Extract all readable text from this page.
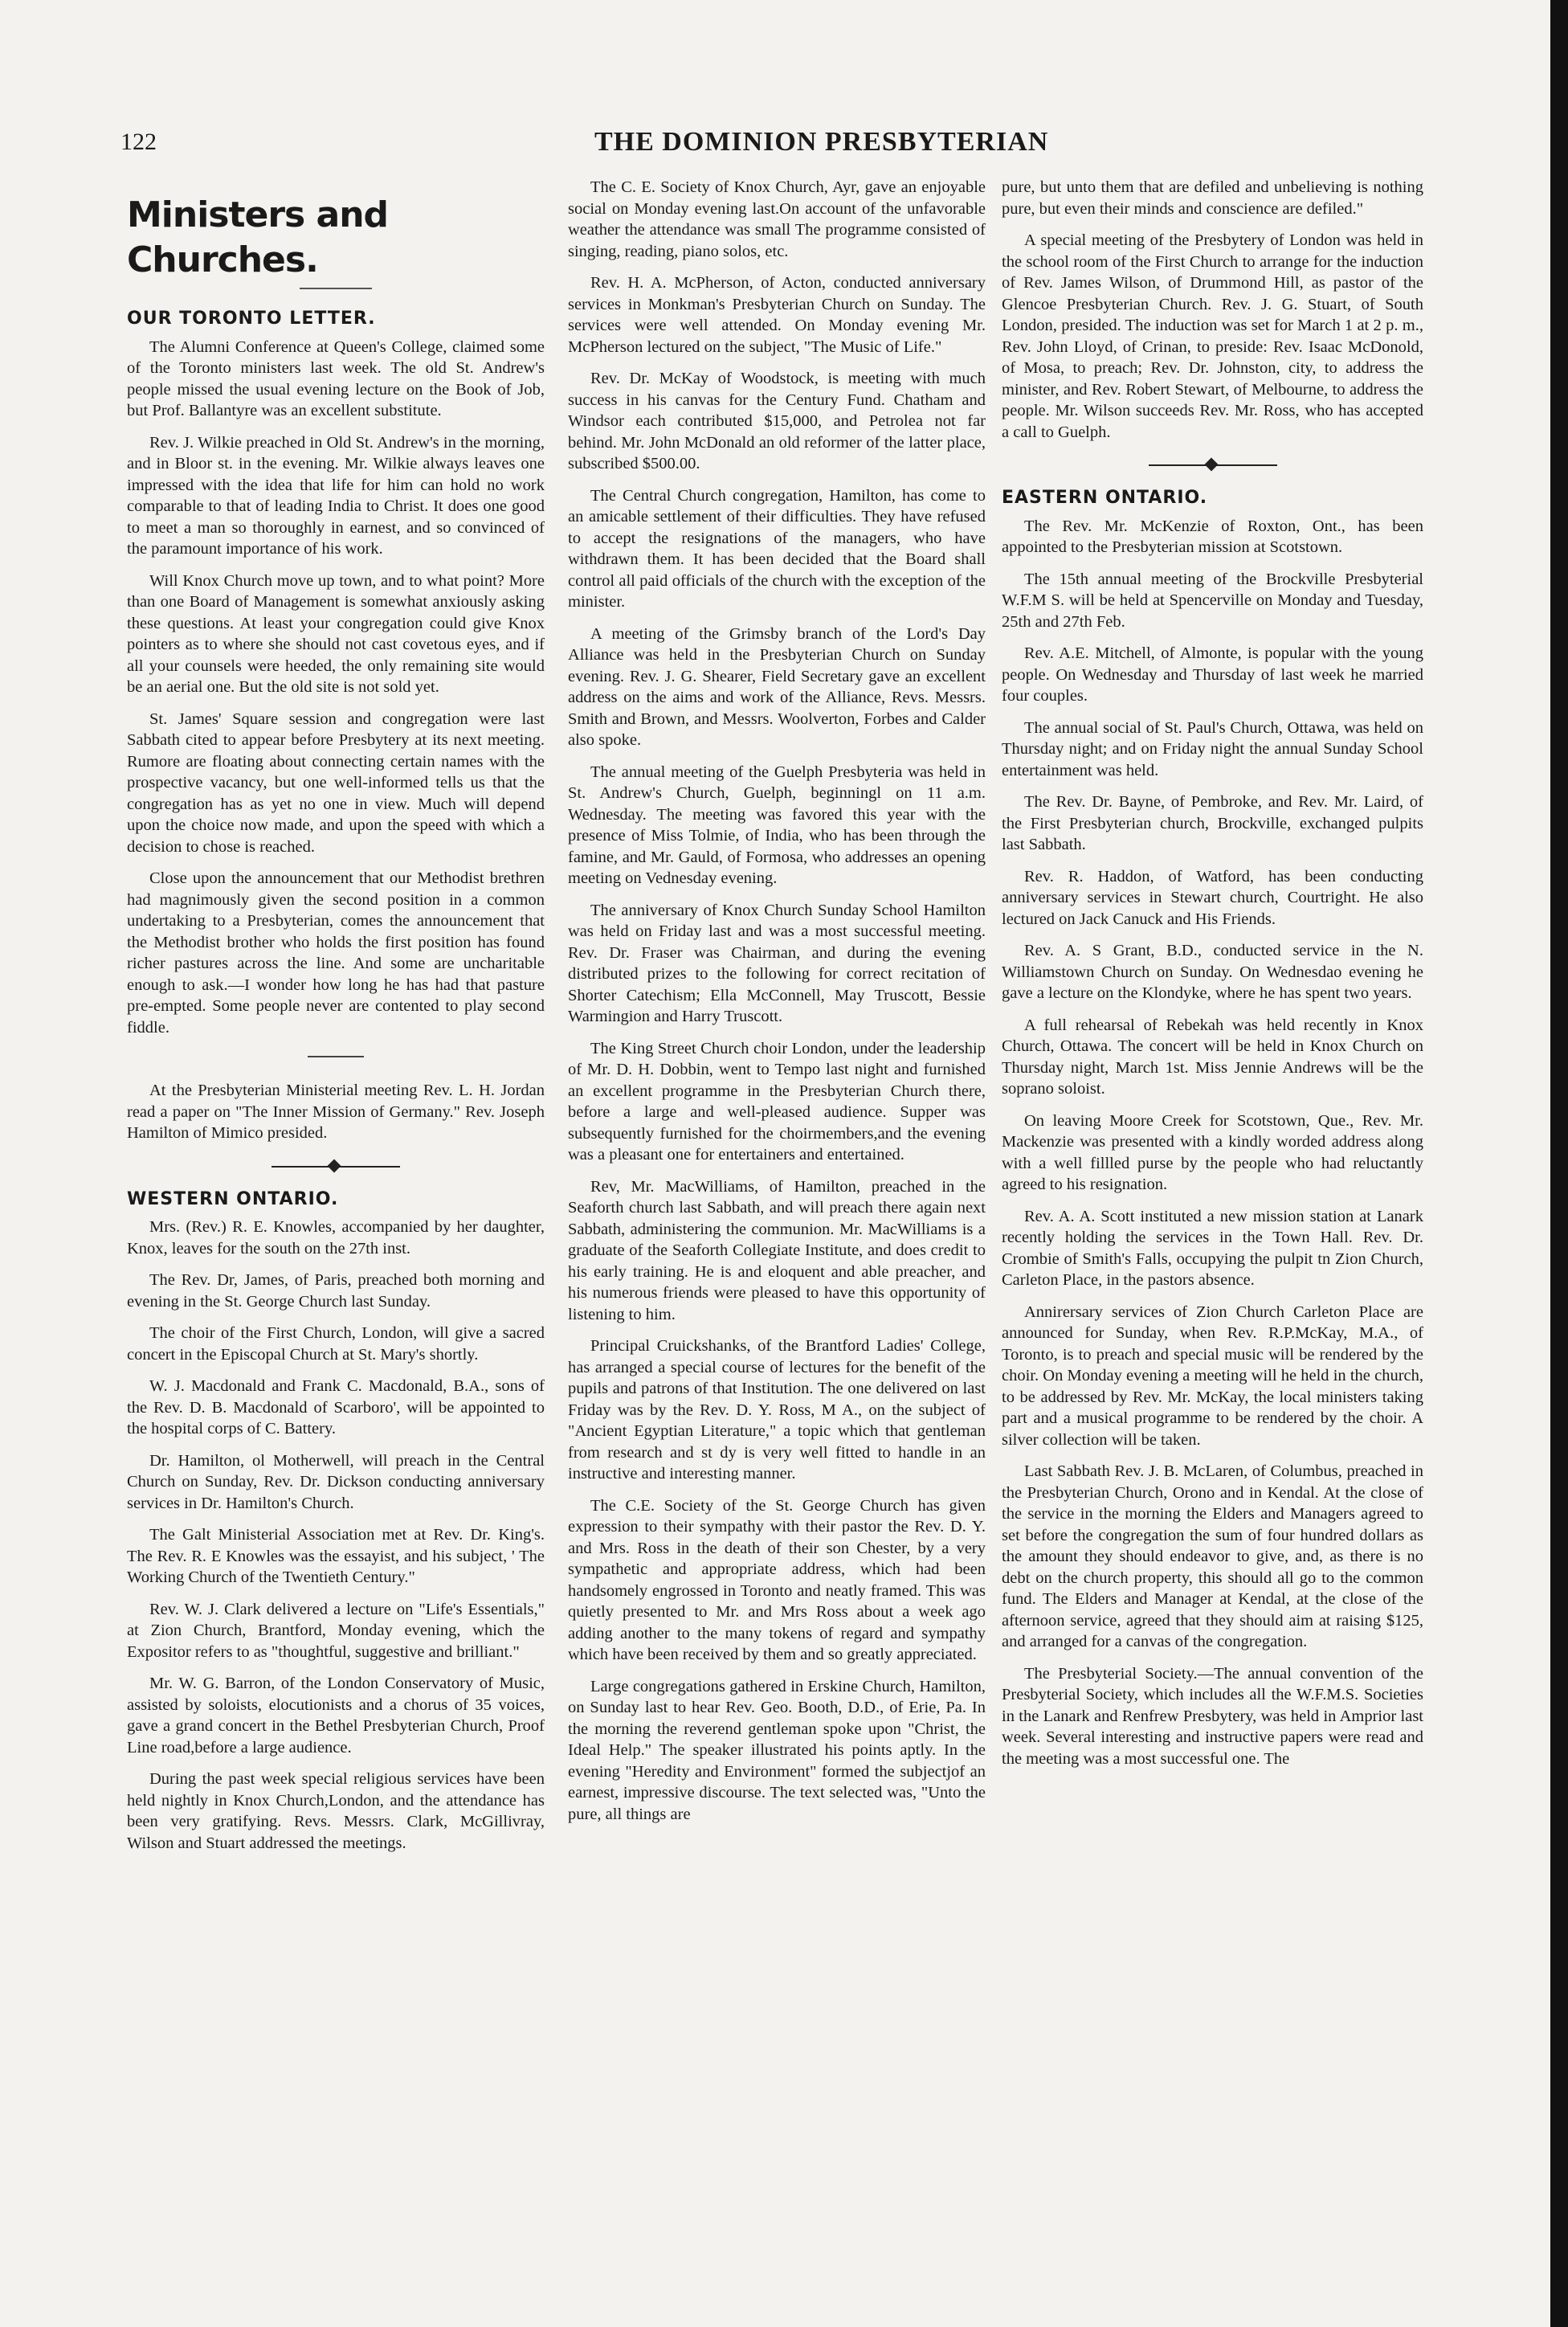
122	THE DOMINION PRESBYTERIAN
Ministers and Churches.
OUR TORONTO LETTER.

The Alumni Conference at Queen's College, claimed some of the Toronto ministers last week. The old St. Andrew's people missed the usual evening lecture on the Book of Job, but Prof. Ballantyre was an excellent substitute.

Rev. J. Wilkie preached in Old St. Andrew's in the morning, and in Bloor st. in the evening. Mr. Wilkie always leaves one impressed with the idea that life for him can hold no work comparable to that of leading India to Christ. It does one good to meet a man so thoroughly in earnest, and so convinced of the paramount importance of his work.

Will Knox Church move up town, and to what point? More than one Board of Management is somewhat anxiously asking these questions. At least your congregation could give Knox pointers as to where she should not cast covetous eyes, and if all your counsels were heeded, the only remaining site would be an aerial one. But the old site is not sold yet.

St. James' Square session and congregation were last Sabbath cited to appear before Presbytery at its next meeting. Rumore are floating about connecting certain names with the prospective vacancy, but one well-informed tells us that the congregation has as yet no one in view. Much will depend upon the choice now made, and upon the speed with which a decision to chose is reached.

Close upon the announcement that our Methodist brethren had magnimously given the second position in a common undertaking to a Presbyterian, comes the announcement that the Methodist brother who holds the first position has found richer pastures across the line. And some are uncharitable enough to ask.—I wonder how long he has had that pasture pre-empted. Some people never are contented to play second fiddle.

At the Presbyterian Ministerial meeting Rev. L. H. Jordan read a paper on "The Inner Mission of Germany." Rev. Joseph Hamilton of Mimico presided.

WESTERN ONTARIO.

Mrs. (Rev.) R. E. Knowles, accompanied by her daughter, Knox, leaves for the south on the 27th inst.

The Rev. Dr, James, of Paris, preached both morning and evening in the St. George Church last Sunday.

The choir of the First Church, London, will give a sacred concert in the Episcopal Church at St. Mary's shortly.

W. J. Macdonald and Frank C. Macdonald, B.A., sons of the Rev. D. B. Macdonald of Scarboro', will be appointed to the hospital corps of C. Battery.

Dr. Hamilton, ol Motherwell, will preach in the Central Church on Sunday, Rev. Dr. Dickson conducting anniversary services in Dr. Hamilton's Church.

The Galt Ministerial Association met at Rev. Dr. King's. The Rev. R. E Knowles was the essayist, and his subject, ' The Working Church of the Twentieth Century."

Rev. W. J. Clark delivered a lecture on "Life's Essentials," at Zion Church, Brantford, Monday evening, which the Expositor refers to as "thoughtful, suggestive and brilliant."

Mr. W. G. Barron, of the London Conservatory of Music, assisted by soloists, elocutionists and a chorus of 35 voices, gave a grand concert in the Bethel Presbyterian Church, Proof Line road,before a large audience.

During the past week special religious services have been held nightly in Knox Church,London, and the attendance has been very gratifying. Revs. Messrs. Clark, McGillivray, Wilson and Stuart addressed the meetings.

The C. E. Society of Knox Church, Ayr, gave an enjoyable social on Monday evening last.On account of the unfavorable weather the attendance was small The programme consisted of singing, reading, piano solos, etc.

Rev. H. A. McPherson, of Acton, conducted anniversary services in Monkman's Presbyterian Church on Sunday. The services were well attended. On Monday evening Mr. McPherson lectured on the subject, "The Music of Life."

Rev. Dr. McKay of Woodstock, is meeting with much success in his canvas for the Century Fund. Chatham and Windsor each contributed $15,000, and Petrolea not far behind. Mr. John McDonald an old reformer of the latter place, subscribed $500.00.

The Central Church congregation, Hamilton, has come to an amicable settlement of their difficulties. They have refused to accept the resignations of the managers, who have withdrawn them. It has been decided that the Board shall control all paid officials of the church with the exception of the minister.

A meeting of the Grimsby branch of the Lord's Day Alliance was held in the Presbyterian Church on Sunday evening. Rev. J. G. Shearer, Field Secretary gave an excellent address on the aims and work of the Alliance, Revs. Messrs. Smith and Brown, and Messrs. Woolverton, Forbes and Calder also spoke.

The annual meeting of the Guelph Presbyteria was held in St. Andrew's Church, Guelph, beginningl on 11 a.m. Wednesday. The meeting was favored this year with the presence of Miss Tolmie, of India, who has been through the famine, and Mr. Gauld, of Formosa, who addresses an opening meeting on Vednesday evening.

The anniversary of Knox Church Sunday School Hamilton was held on Friday last and was a most successful meeting. Rev. Dr. Fraser was Chairman, and during the evening distributed prizes to the following for correct recitation of Shorter Catechism; Ella McConnell, May Truscott, Bessie Warmingion and Harry Truscott.

The King Street Church choir London, under the leadership of Mr. D. H. Dobbin, went to Tempo last night and furnished an excellent programme in the Presbyterian Church there, before a large and well-pleased audience. Supper was subsequently furnished for the choirmembers,and the evening was a pleasant one for entertainers and entertained.

Rev, Mr. MacWilliams, of Hamilton, preached in the Seaforth church last Sabbath, and will preach there again next Sabbath, administering the communion. Mr. MacWilliams is a graduate of the Seaforth Collegiate Institute, and does credit to his early training. He is and eloquent and able preacher, and his numerous friends were pleased to have this opportunity of listening to him.

Principal Cruickshanks, of the Brantford Ladies' College, has arranged a special course of lectures for the benefit of the pupils and patrons of that Institution. The one delivered on last Friday was by the Rev. D. Y. Ross, M A., on the subject of "Ancient Egyptian Literature," a topic which that gentleman from research and st dy is very well fitted to handle in an instructive and interesting manner.

The C.E. Society of the St. George Church has given expression to their sympathy with their pastor the Rev. D. Y. and Mrs. Ross in the death of their son Chester, by a very sympathetic and appropriate address, which had been handsomely engrossed in Toronto and neatly framed. This was quietly presented to Mr. and Mrs Ross about a week ago adding another to the many tokens of regard and sympathy which have been received by them and so greatly appreciated.

Large congregations gathered in Erskine Church, Hamilton, on Sunday last to hear Rev. Geo. Booth, D.D., of Erie, Pa. In the morning the reverend gentleman spoke upon "Christ, the Ideal Help." The speaker illustrated his points aptly. In the evening "Heredity and Environment" formed the subjectjof an earnest, impressive discourse. The text selected was, "Unto the pure, all things are

pure, but unto them that are defiled and unbelieving is nothing pure, but even their minds and conscience are defiled."

A special meeting of the Presbytery of London was held in the school room of the First Church to arrange for the induction of Rev. James Wilson, of Drummond Hill, as pastor of the Glencoe Presbyterian Church. Rev. J. G. Stuart, of South London, presided. The induction was set for March 1 at 2 p. m., Rev. John Lloyd, of Crinan, to preside: Rev. Isaac McDonold, of Mosa, to preach; Rev. Dr. Johnston, city, to address the minister, and Rev. Robert Stewart, of Melbourne, to address the people. Mr. Wilson succeeds Rev. Mr. Ross, who has accepted a call to Guelph.

EASTERN ONTARIO.

The Rev. Mr. McKenzie of Roxton, Ont., has been appointed to the Presbyterian mission at Scotstown.

The 15th annual meeting of the Brockville Presbyterial W.F.M S. will be held at Spencerville on Monday and Tuesday, 25th and 27th Feb.

Rev. A.E. Mitchell, of Almonte, is popular with the young people. On Wednesday and Thursday of last week he married four couples.

The annual social of St. Paul's Church, Ottawa, was held on Thursday night; and on Friday night the annual Sunday School entertainment was held.

The Rev. Dr. Bayne, of Pembroke, and Rev. Mr. Laird, of the First Presbyterian church, Brockville, exchanged pulpits last Sabbath.

Rev. R. Haddon, of Watford, has been conducting anniversary services in Stewart church, Courtright. He also lectured on Jack Canuck and His Friends.

Rev. A. S Grant, B.D., conducted service in the N. Williamstown Church on Sunday. On Wednesdao evening he gave a lecture on the Klondyke, where he has spent two years.

A full rehearsal of Rebekah was held recently in Knox Church, Ottawa. The concert will be held in Knox Church on Thursday night, March 1st. Miss Jennie Andrews will be the soprano soloist.

On leaving Moore Creek for Scotstown, Que., Rev. Mr. Mackenzie was presented with a kindly worded address along with a well fillled purse by the people who had reluctantly agreed to his resignation.

Rev. A. A. Scott instituted a new mission station at Lanark recently holding the services in the Town Hall. Rev. Dr. Crombie of Smith's Falls, occupying the pulpit tn Zion Church, Carleton Place, in the pastors absence.

Annirersary services of Zion Church Carleton Place are announced for Sunday, when Rev. R.P.McKay, M.A., of Toronto, is to preach and special music will be rendered by the choir. On Monday evening a meeting will he held in the church, to be addressed by Rev. Mr. McKay, the local ministers taking part and a musical programme to be rendered by the choir. A silver collection will be taken.

Last Sabbath Rev. J. B. McLaren, of Columbus, preached in the Presbyterian Church, Orono and in Kendal. At the close of the service in the morning the Elders and Managers agreed to set before the congregation the sum of four hundred dollars as the amount they should endeavor to give, and, as there is no debt on the church property, this should all go to the common fund. The Elders and Manager at Kendal, at the close of the afternoon service, agreed that they should aim at raising $125, and arranged for a canvas of the congregation.

The Presbyterial Society.—The annual convention of the Presbyterial Society, which includes all the W.F.M.S. Societies in the Lanark and Renfrew Presbytery, was held in Amprior last week. Several interesting and instructive papers were read and the meeting was a most successful one. The
